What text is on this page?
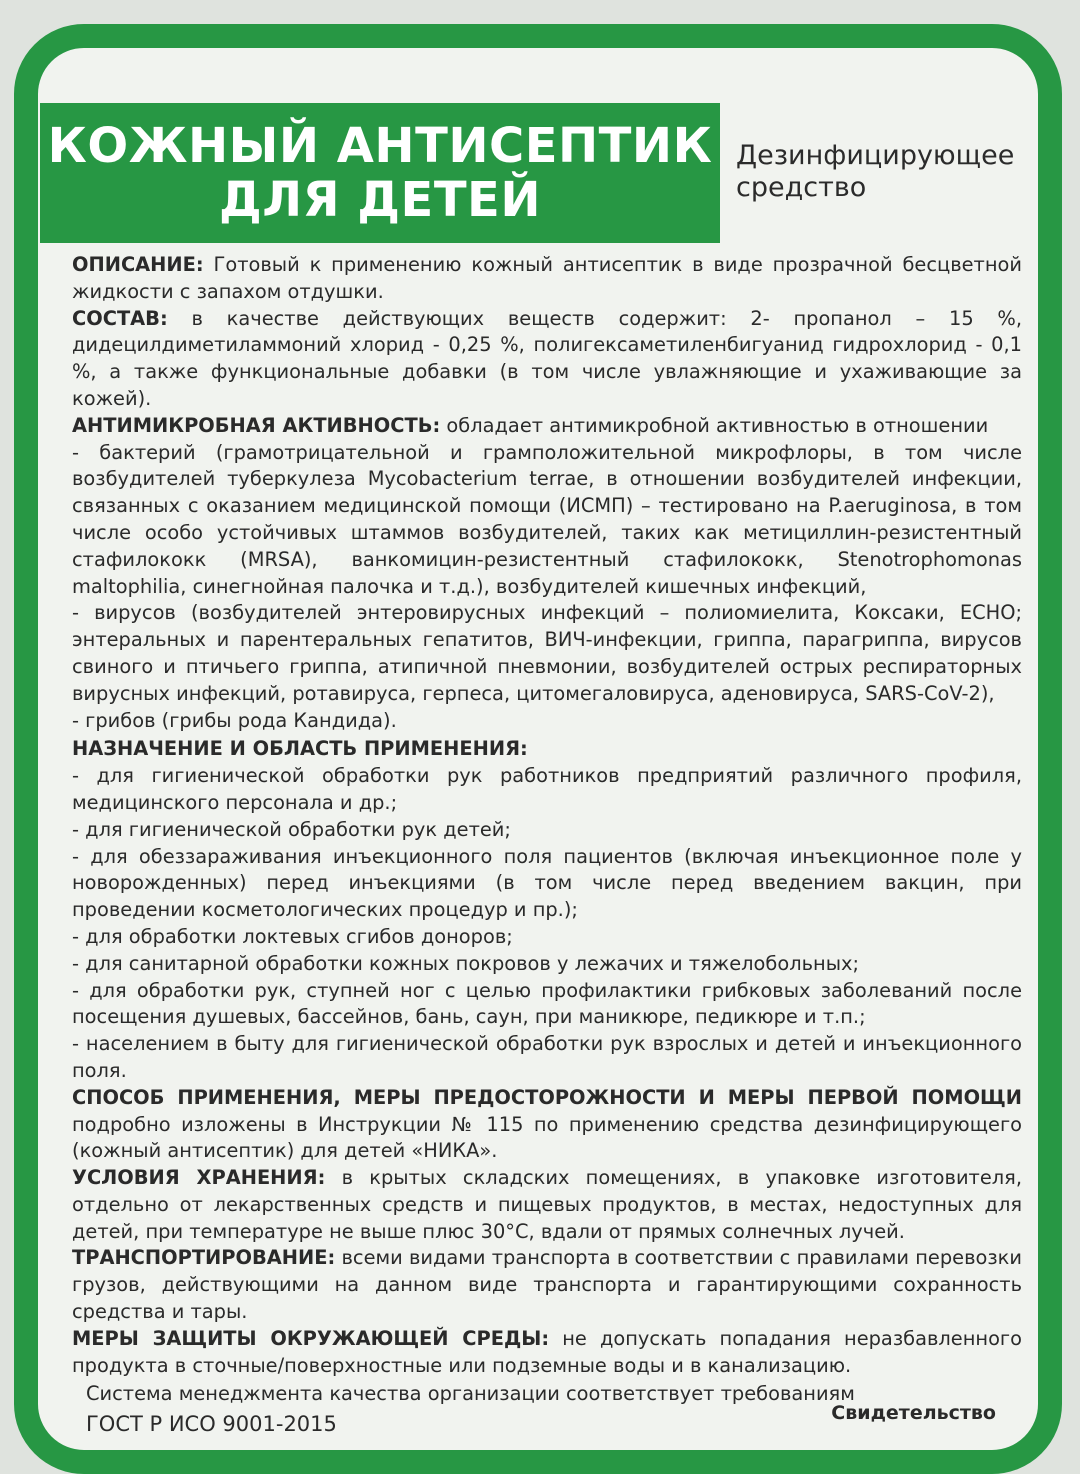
КОЖНЫЙ АНТИСЕПТИК
ДЛЯ ДЕТЕЙ
Дезинфицирующее
средство

ОПИСАНИЕ: Готовый к применению кожный антисептик в виде прозрачной бесцветной жидкости с запахом отдушки.

СОСТАВ: в качестве действующих веществ содержит: 2- пропанол – 15 %, дидецилдиметиламмоний хлорид - 0,25 %, полигексаметиленбигуанид гидрохлорид - 0,1 %, а также функциональные добавки (в том числе увлажняющие и ухаживающие за кожей).

АНТИМИКРОБНАЯ АКТИВНОСТЬ: обладает антимикробной активностью в отношении

- бактерий (грамотрицательной и грамположительной микрофлоры, в том числе возбудителей туберкулеза Mycobacterium terrae, в отношении возбудителей инфекции, связанных с оказанием медицинской помощи (ИСМП) – тестировано на P.aeruginosa, в том числе особо устойчивых штаммов возбудителей, таких как метициллин-резистентный стафилококк (MRSA), ванкомицин-резистентный стафилококк, Stenotrophomonas maltophilia, синегнойная палочка и т.д.), возбудителей кишечных инфекций,

- вирусов (возбудителей энтеровирусных инфекций – полиомиелита, Коксаки, ECHO; энтеральных и парентеральных гепатитов, ВИЧ-инфекции, гриппа, парагриппа, вирусов свиного и птичьего гриппа, атипичной пневмонии, возбудителей острых респираторных вирусных инфекций, ротавируса, герпеса, цитомегаловируса, аденовируса, SARS-CoV-2),

- грибов (грибы рода Кандида).

НАЗНАЧЕНИЕ И ОБЛАСТЬ ПРИМЕНЕНИЯ:

- для гигиенической обработки рук работников предприятий различного профиля, медицинского персонала и др.;

- для гигиенической обработки рук детей;

- для обеззараживания инъекционного поля пациентов (включая инъекционное поле у новорожденных) перед инъекциями (в том числе перед введением вакцин, при проведении косметологических процедур и пр.);

- для обработки локтевых сгибов доноров;

- для санитарной обработки кожных покровов у лежачих и тяжелобольных;

- для обработки рук, ступней ног с целью профилактики грибковых заболеваний после посещения душевых, бассейнов, бань, саун, при маникюре, педикюре и т.п.;

- населением в быту для гигиенической обработки рук взрослых и детей и инъекционного поля.

СПОСОБ ПРИМЕНЕНИЯ, МЕРЫ ПРЕДОСТОРОЖНОСТИ И МЕРЫ ПЕРВОЙ ПОМОЩИ подробно изложены в Инструкции № 115 по применению средства дезинфицирующего (кожный антисептик) для детей «НИКА».

УСЛОВИЯ ХРАНЕНИЯ: в крытых складских помещениях, в упаковке изготовителя, отдельно от лекарственных средств и пищевых продуктов, в местах, недоступных для детей, при температуре не выше плюс 30°С, вдали от прямых солнечных лучей.

ТРАНСПОРТИРОВАНИЕ: всеми видами транспорта в соответствии с правилами перевозки грузов, действующими на данном виде транспорта и гарантирующими сохранность средства и тары.

МЕРЫ ЗАЩИТЫ ОКРУЖАЮЩЕЙ СРЕДЫ: не допускать попадания неразбавленного продукта в сточные/поверхностные или подземные воды и в канализацию.

Система менеджмента качества организации соответствует требованиям
ГОСТ Р ИСО 9001-2015	Свидетельство
